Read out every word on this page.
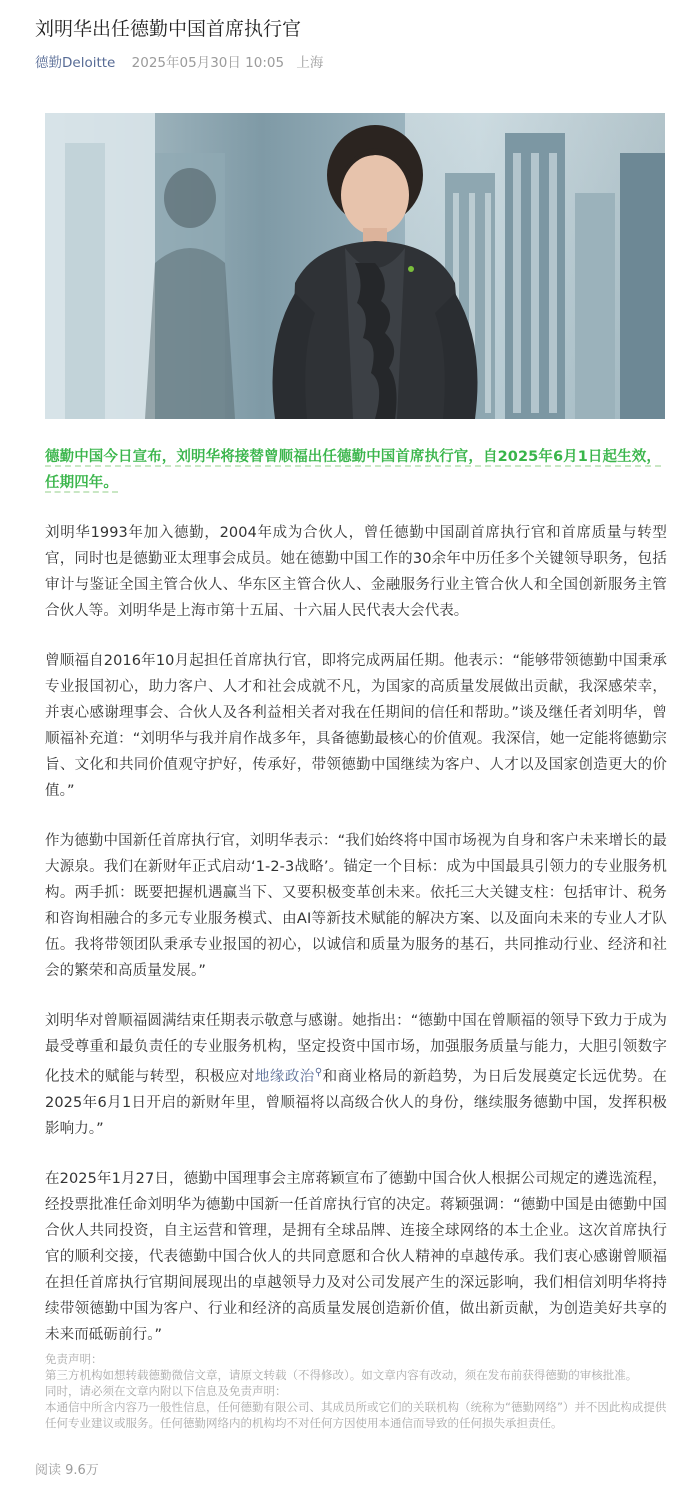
刘明华出任德勤中国首席执行官
德勤Deloitte 2025年05月30日 10:05 上海

德勤中国今日宣布，刘明华将接替曾顺福出任德勤中国首席执行官，自2025年6月1日起生效，任期四年。

刘明华1993年加入德勤，2004年成为合伙人，曾任德勤中国副首席执行官和首席质量与转型官，同时也是德勤亚太理事会成员。她在德勤中国工作的30余年中历任多个关键领导职务，包括审计与鉴证全国主管合伙人、华东区主管合伙人、金融服务行业主管合伙人和全国创新服务主管合伙人等。刘明华是上海市第十五届、十六届人民代表大会代表。

曾顺福自2016年10月起担任首席执行官，即将完成两届任期。他表示：“能够带领德勤中国秉承专业报国初心，助力客户、人才和社会成就不凡，为国家的高质量发展做出贡献，我深感荣幸，并衷心感谢理事会、合伙人及各利益相关者对我在任期间的信任和帮助。”谈及继任者刘明华，曾顺福补充道：“刘明华与我并肩作战多年，具备德勤最核心的价值观。我深信，她一定能将德勤宗旨、文化和共同价值观守护好，传承好，带领德勤中国继续为客户、人才以及国家创造更大的价值。”

作为德勤中国新任首席执行官，刘明华表示：“我们始终将中国市场视为自身和客户未来增长的最大源泉。我们在新财年正式启动‘1-2-3战略’。锚定一个目标：成为中国最具引领力的专业服务机构。两手抓：既要把握机遇赢当下、又要积极变革创未来。依托三大关键支柱：包括审计、税务和咨询相融合的多元专业服务模式、由AI等新技术赋能的解决方案、以及面向未来的专业人才队伍。我将带领团队秉承专业报国的初心，以诚信和质量为服务的基石，共同推动行业、经济和社会的繁荣和高质量发展。”

刘明华对曾顺福圆满结束任期表示敬意与感谢。她指出：“德勤中国在曾顺福的领导下致力于成为最受尊重和最负责任的专业服务机构，坚定投资中国市场，加强服务质量与能力，大胆引领数字化技术的赋能与转型，积极应对地缘政治⚲和商业格局的新趋势，为日后发展奠定长远优势。在2025年6月1日开启的新财年里，曾顺福将以高级合伙人的身份，继续服务德勤中国，发挥积极影响力。”

在2025年1月27日，德勤中国理事会主席蒋颖宣布了德勤中国合伙人根据公司规定的遴选流程，经投票批准任命刘明华为德勤中国新一任首席执行官的决定。蒋颖强调：“德勤中国是由德勤中国合伙人共同投资，自主运营和管理，是拥有全球品牌、连接全球网络的本土企业。这次首席执行官的顺利交接，代表德勤中国合伙人的共同意愿和合伙人精神的卓越传承。我们衷心感谢曾顺福在担任首席执行官期间展现出的卓越领导力及对公司发展产生的深远影响，我们相信刘明华将持续带领德勤中国为客户、行业和经济的高质量发展创造新价值，做出新贡献，为创造美好共享的未来而砥砺前行。”

免责声明：

第三方机构如想转载德勤微信文章，请原文转载（不得修改）。如文章内容有改动，须在发布前获得德勤的审核批准。

同时，请必须在文章内附以下信息及免责声明：

本通信中所含内容乃一般性信息，任何德勤有限公司、其成员所或它们的关联机构（统称为“德勤网络”）并不因此构成提供任何专业建议或服务。任何德勤网络内的机构均不对任何方因使用本通信而导致的任何损失承担责任。

阅读 9.6万
